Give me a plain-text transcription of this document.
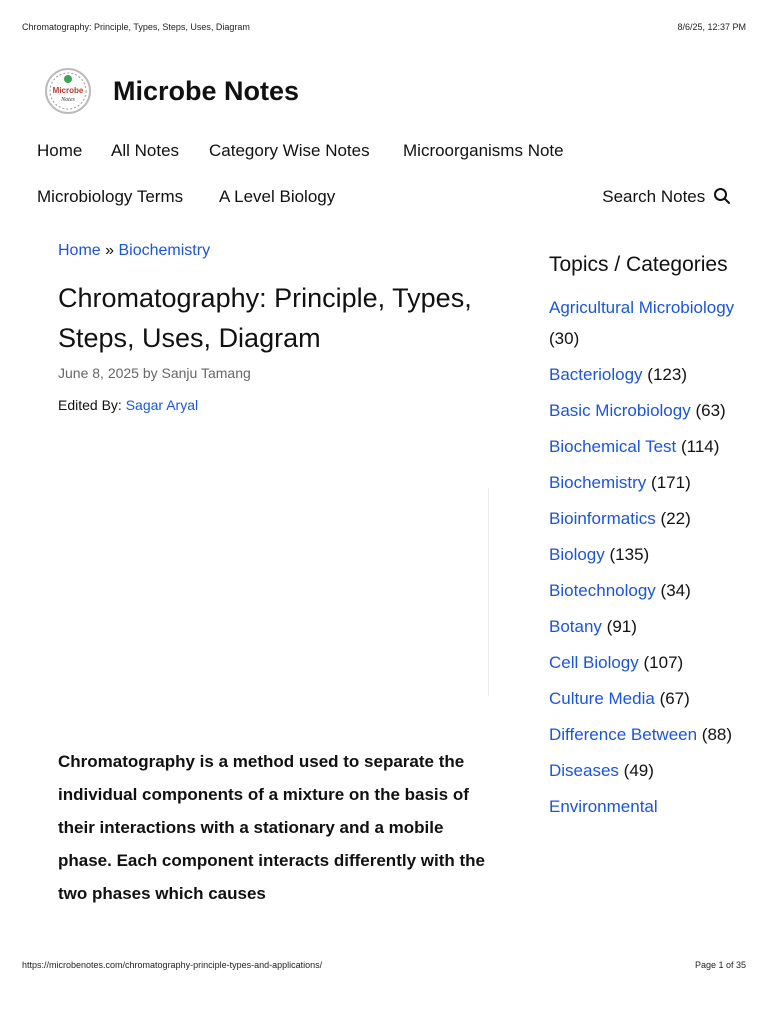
Chromatography: Principle, Types, Steps, Uses, Diagram	8/6/25, 12:37 PM
Microbe
Notes Microbe Notes
Home All Notes Category Wise Notes Microorganisms Note
Microbiology Terms A Level Biology	Search Notes
Home » Biochemistry
Chromatography: Principle, Types, Steps, Uses, Diagram
June 8, 2025 by Sanju Tamang
Edited By: Sagar Aryal

Chromatography is a method used to separate the individual components of a mixture on the basis of their interactions with a stationary and a mobile phase. Each component interacts differently with the two phases which causes

Topics / Categories
Agricultural Microbiology (30)
Bacteriology (123)
Basic Microbiology (63)
Biochemical Test (114)
Biochemistry (171)
Bioinformatics (22)
Biology (135)
Biotechnology (34)
Botany (91)
Cell Biology (107)
Culture Media (67)
Difference Between (88)
Diseases (49)
Environmental
https://microbenotes.com/chromatography-principle-types-and-applications/	Page 1 of 35
